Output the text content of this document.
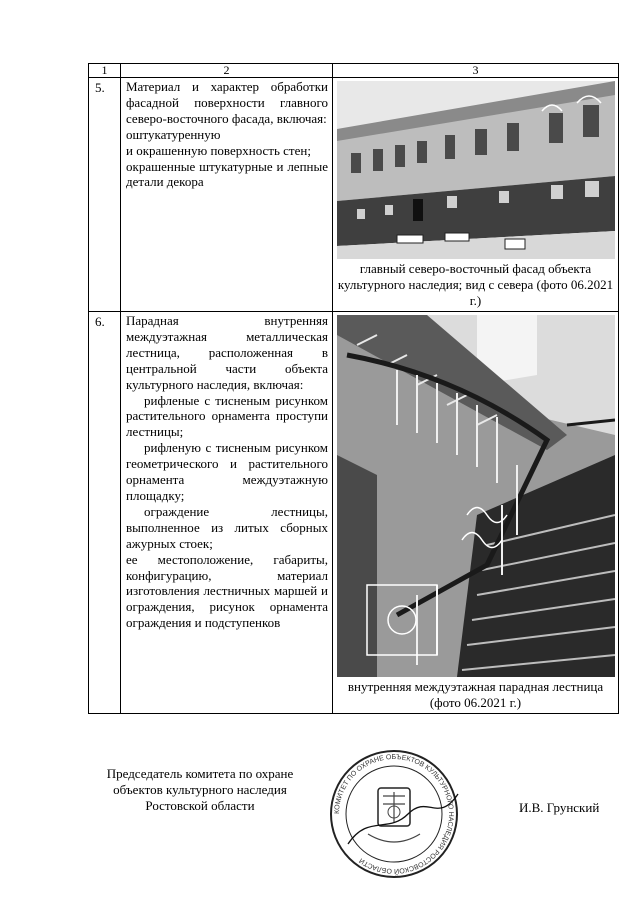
1	2	3
5.	Материал и характер обработки фасадной поверхности главного северо-восточного фасада, включая:

оштукатуренную

и окрашенную поверхность стен;

окрашенные штукатурные и лепные детали декора	главный северо-восточный фасад объекта культурного наследия; вид с севера (фото 06.2021 г.)

6.	Парадная внутренняя междуэтажная металлическая лестница, расположенная в центральной части объекта культурного наследия, включая:

рифленые с тисненым рисунком растительного орнамента проступи лестницы;

рифленую с тисненым рисунком геометрического и растительного орнамента междуэтажную площадку;

ограждение лестницы, выполненное из литых сборных ажурных стоек;

ее местоположение, габариты, конфигурацию, материал изготовления лестничных маршей и ограждения, рисунок орнамента ограждения и подступенков	внутренняя междуэтажная парадная лестница (фото 06.2021 г.)
Председатель комитета по охране объектов культурного наследия Ростовской области	КОМИТЕТ ПО ОХРАНЕ ОБЪЕКТОВ КУЛЬТУРНОГО НАСЛЕДИЯ РОСТОВСКОЙ ОБЛАСТИ
И.В. Грунский
